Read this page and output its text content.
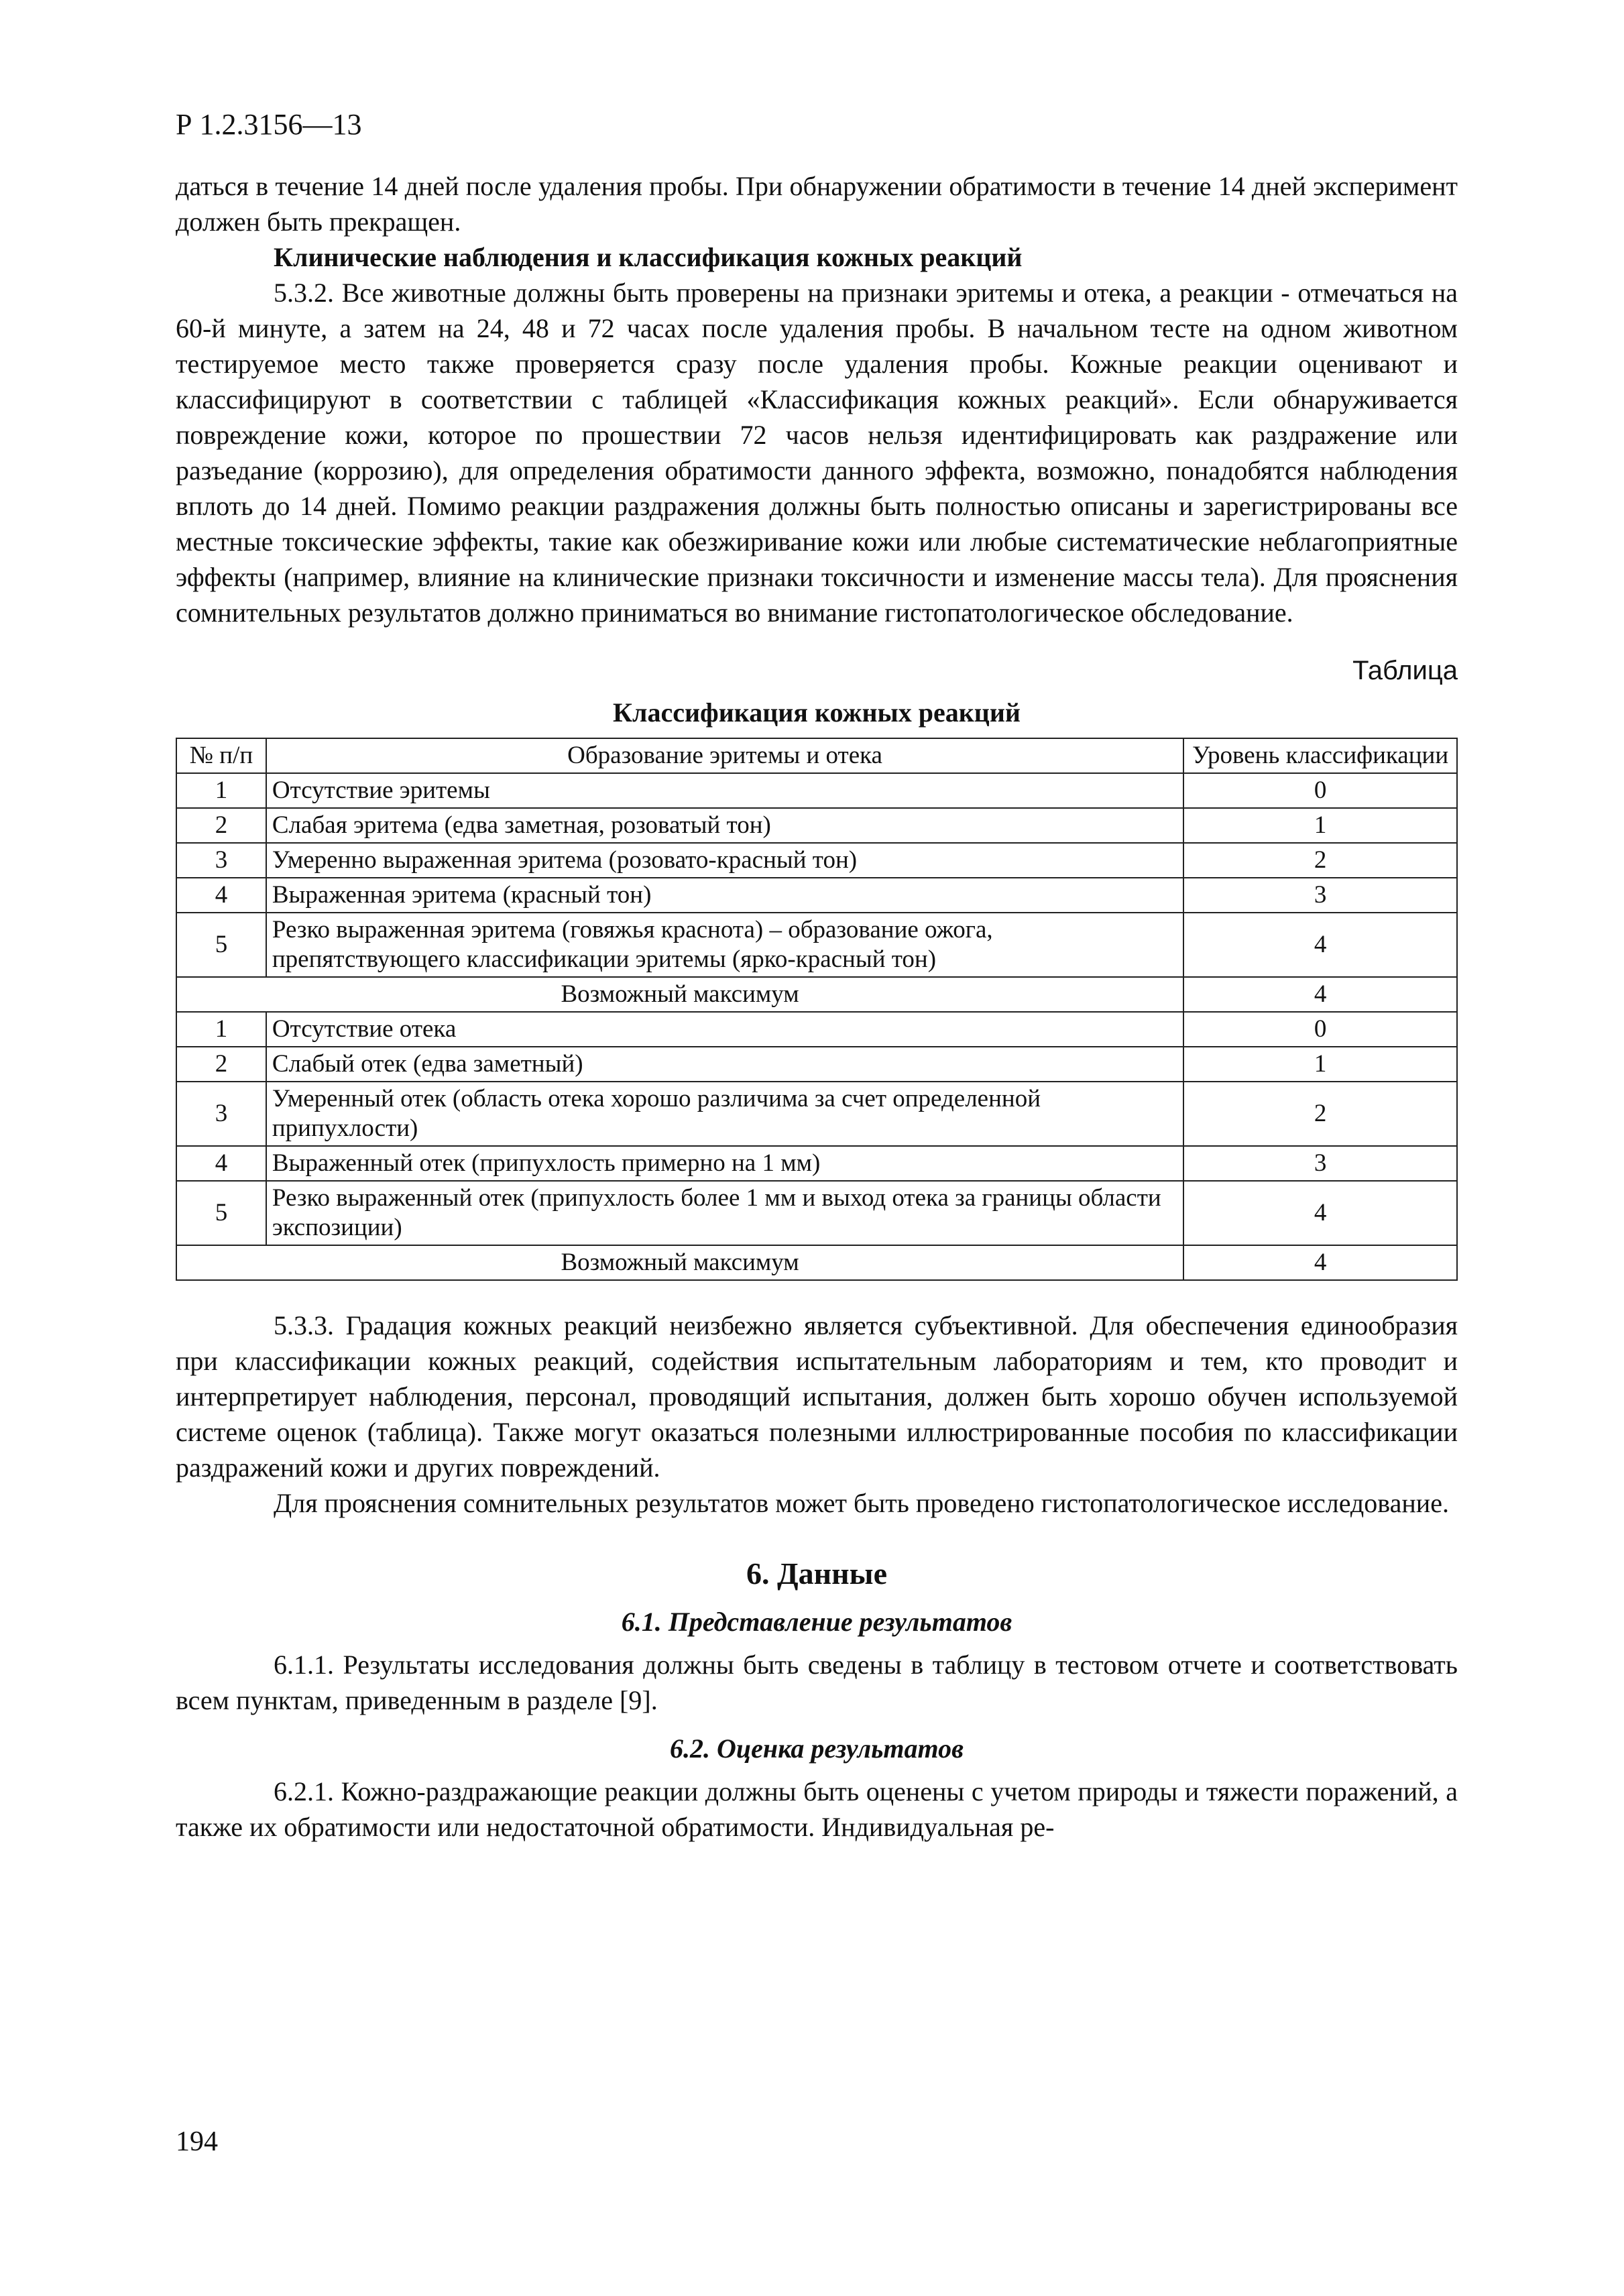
Р 1.2.3156—13

даться в течение 14 дней после удаления пробы. При обнаружении обратимости в течение 14 дней эксперимент должен быть прекращен.

Клинические наблюдения и классификация кожных реакций

5.3.2. Все животные должны быть проверены на признаки эритемы и отека, а реакции - отмечаться на 60-й минуте, а затем на 24, 48 и 72 часах после удаления пробы. В начальном тесте на одном животном тестируемое место также проверяется сразу после удаления пробы. Кожные реакции оценивают и классифицируют в соответствии с таблицей «Классификация кожных реакций». Если обнаруживается повреждение кожи, которое по прошествии 72 часов нельзя идентифицировать как раздражение или разъедание (коррозию), для определения обратимости данного эффекта, возможно, понадобятся наблюдения вплоть до 14 дней. Помимо реакции раздражения должны быть полностью описаны и зарегистрированы все местные токсические эффекты, такие как обезжиривание кожи или любые систематические неблагоприятные эффекты (например, влияние на клинические признаки токсичности и изменение массы тела). Для прояснения сомнительных результатов должно приниматься во внимание гистопатологическое обследование.

Таблица
Классификация кожных реакций
№ п/п	Образование эритемы и отека	Уровень классификации
1	Отсутствие эритемы	0
2	Слабая эритема (едва заметная, розоватый тон)	1
3	Умеренно выраженная эритема (розовато-красный тон)	2
4	Выраженная эритема (красный тон)	3
5	Резко выраженная эритема (говяжья краснота) – образование ожога, препятствующего классификации эритемы (ярко-красный тон)	4
Возможный максимум		4
1	Отсутствие отека	0
2	Слабый отек (едва заметный)	1
3	Умеренный отек (область отека хорошо различима за счет определенной припухлости)	2
4	Выраженный отек (припухлость примерно на 1 мм)	3
5	Резко выраженный отек (припухлость более 1 мм и выход отека за границы области экспозиции)	4
Возможный максимум		4

5.3.3. Градация кожных реакций неизбежно является субъективной. Для обеспечения единообразия при классификации кожных реакций, содействия испытательным лабораториям и тем, кто проводит и интерпретирует наблюдения, персонал, проводящий испытания, должен быть хорошо обучен используемой системе оценок (таблица). Также могут оказаться полезными иллюстрированные пособия по классификации раздражений кожи и других повреждений.

Для прояснения сомнительных результатов может быть проведено гистопатологическое исследование.

6. Данные
6.1. Представление результатов

6.1.1. Результаты исследования должны быть сведены в таблицу в тестовом отчете и соответствовать всем пунктам, приведенным в разделе [9].

6.2. Оценка результатов

6.2.1. Кожно-раздражающие реакции должны быть оценены с учетом природы и тяжести поражений, а также их обратимости или недостаточной обратимости. Индивидуальная ре-

194
